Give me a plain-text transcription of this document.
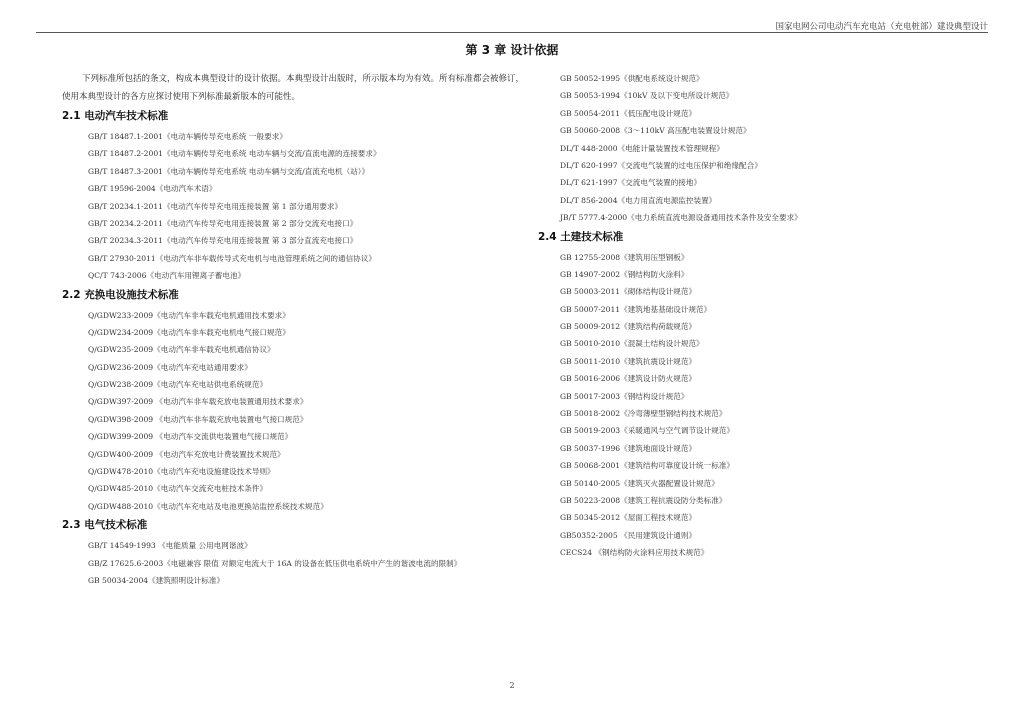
国家电网公司电动汽车充电站（充电桩部）建设典型设计
第 3 章 设计依据

下列标准所包括的条文，构成本典型设计的设计依据。本典型设计出版时，所示版本均为有效。所有标准都会被修订，使用本典型设计的各方应探讨使用下列标准最新版本的可能性。

2.1 电动汽车技术标准
GB/T 18487.1-2001《电动车辆传导充电系统 一般要求》
GB/T 18487.2-2001《电动车辆传导充电系统 电动车辆与交流/直流电源的连接要求》
GB/T 18487.3-2001《电动车辆传导充电系统 电动车辆与交流/直流充电机（站）》
GB/T 19596-2004《电动汽车术语》
GB/T 20234.1-2011《电动汽车传导充电用连接装置 第 1 部分通用要求》
GB/T 20234.2-2011《电动汽车传导充电用连接装置 第 2 部分交流充电接口》
GB/T 20234.3-2011《电动汽车传导充电用连接装置 第 3 部分直流充电接口》
GB/T 27930-2011《电动汽车非车载传导式充电机与电池管理系统之间的通信协议》
QC/T 743-2006《电动汽车用锂离子蓄电池》
2.2 充换电设施技术标准
Q/GDW233-2009《电动汽车非车载充电机通用技术要求》
Q/GDW234-2009《电动汽车非车载充电机电气接口规范》
Q/GDW235-2009《电动汽车非车载充电机通信协议》
Q/GDW236-2009《电动汽车充电站通用要求》
Q/GDW238-2009《电动汽车充电站供电系统规范》
Q/GDW397-2009 《电动汽车非车载充放电装置通用技术要求》
Q/GDW398-2009 《电动汽车非车载充放电装置电气接口规范》
Q/GDW399-2009 《电动汽车交流供电装置电气接口规范》
Q/GDW400-2009 《电动汽车充放电计费装置技术规范》
Q/GDW478-2010《电动汽车充电设施建设技术导则》
Q/GDW485-2010《电动汽车交流充电桩技术条件》
Q/GDW488-2010《电动汽车充电站及电池更换站监控系统技术规范》
2.3 电气技术标准
GB/T 14549-1993 《电能质量 公用电网谐波》
GB/Z 17625.6-2003《电磁兼容 限值 对额定电流大于 16A 的设备在低压供电系统中产生的谐波电流的限制》
GB 50034-2004《建筑照明设计标准》
GB 50052-1995《供配电系统设计规范》
GB 50053-1994《10kV 及以下变电所设计规范》
GB 50054-2011《低压配电设计规范》
GB 50060-2008《3～110kV 高压配电装置设计规范》
DL/T 448-2000《电能计量装置技术管理规程》
DL/T 620-1997《交流电气装置的过电压保护和绝缘配合》
DL/T 621-1997《交流电气装置的接地》
DL/T 856-2004《电力用直流电源监控装置》
JB/T 5777.4-2000《电力系统直流电源设备通用技术条件及安全要求》
2.4 土建技术标准
GB 12755-2008《建筑用压型钢板》
GB 14907-2002《钢结构防火涂料》
GB 50003-2011《砌体结构设计规范》
GB 50007-2011《建筑地基基础设计规范》
GB 50009-2012《建筑结构荷载规范》
GB 50010-2010《混凝土结构设计规范》
GB 50011-2010《建筑抗震设计规范》
GB 50016-2006《建筑设计防火规范》
GB 50017-2003《钢结构设计规范》
GB 50018-2002《冷弯薄壁型钢结构技术规范》
GB 50019-2003《采暖通风与空气调节设计规范》
GB 50037-1996《建筑地面设计规范》
GB 50068-2001《建筑结构可靠度设计统一标准》
GB 50140-2005《建筑灭火器配置设计规范》
GB 50223-2008《建筑工程抗震设防分类标准》
GB 50345-2012《屋面工程技术规范》
GB50352-2005 《民用建筑设计通则》
CECS24 《钢结构防火涂料应用技术规范》
2
